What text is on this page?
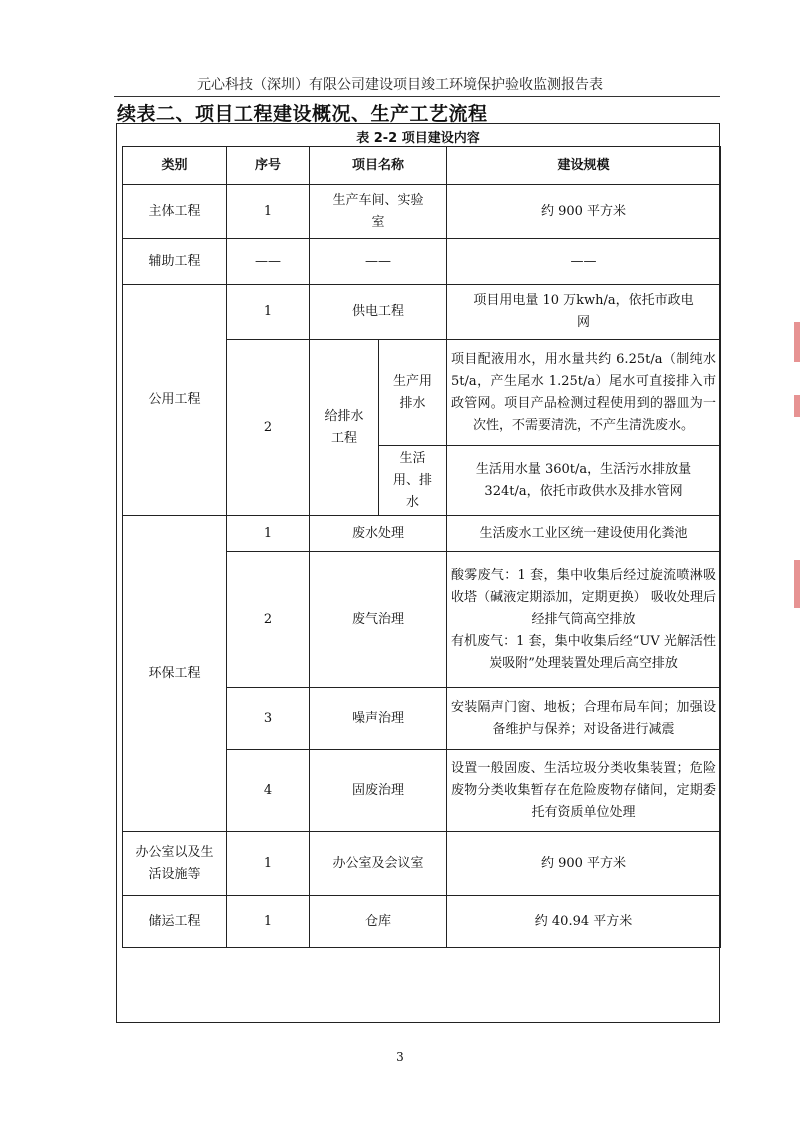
元心科技（深圳）有限公司建设项目竣工环境保护验收监测报告表
续表二、项目工程建设概况、生产工艺流程
表 2-2 项目建设内容
类别	序号	项目名称		建设规模
主体工程	1	生产车间、实验室		约 900 平方米
辅助工程	——	——		——
公用工程	1	供电工程		项目用电量 10 万kwh/a，依托市政电网
	2	给排水工程	生产用排水	项目配液用水，用水量共约 6.25t/a（制纯水5t/a，产生尾水 1.25t/a）尾水可直接排入市政管网。项目产品检测过程使用到的器皿为一次性，不需要清洗，不产生清洗废水。
			生活用、排水	生活用水量 360t/a，生活污水排放量 324t/a，依托市政供水及排水管网
环保工程	1	废水处理		生活废水工业区统一建设使用化粪池
	2	废气治理		酸雾废气：1 套，集中收集后经过旋流喷淋吸收塔（碱液定期添加，定期更换） 吸收处理后经排气筒高空排放
有机废气：1 套，集中收集后经“UV 光解活性炭吸附”处理装置处理后高空排放
	3	噪声治理		安装隔声门窗、地板；合理布局车间；加强设备维护与保养；对设备进行减震
	4	固废治理		设置一般固废、生活垃圾分类收集装置；危险废物分类收集暂存在危险废物存储间，定期委托有资质单位处理
办公室以及生活设施等	1	办公室及会议室		约 900 平方米
储运工程	1	仓库		约 40.94 平方米
3
